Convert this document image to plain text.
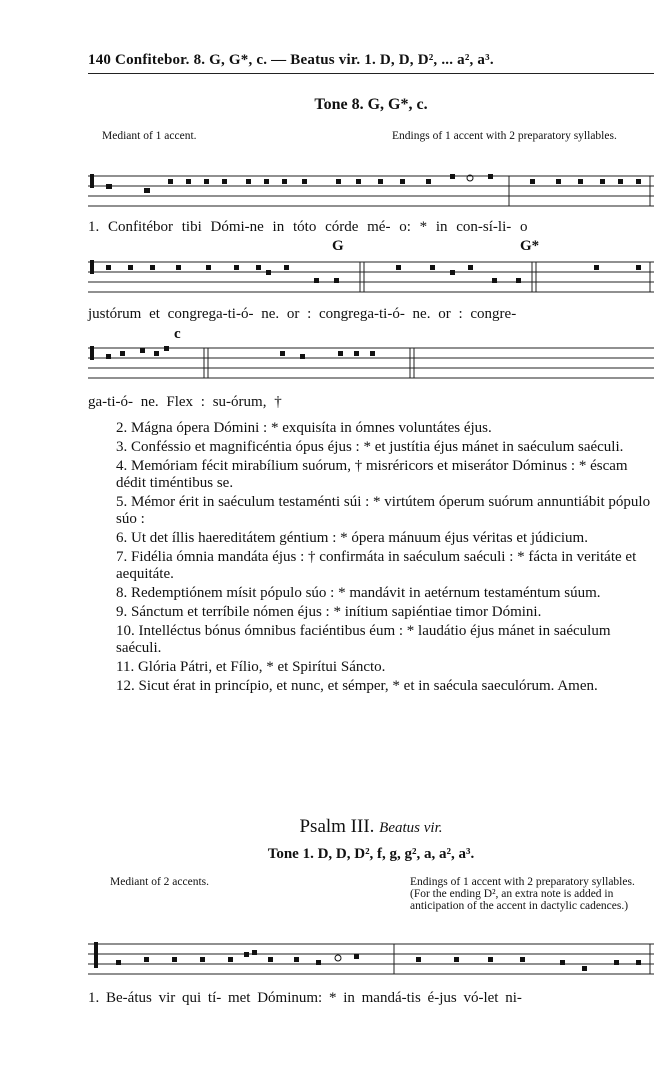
140 Confitebor. 8. G, G*, c. — Beatus vir. 1. D, D, D², ... a², a³.
Tone 8. G, G*, c.
Mediant of 1 accent.	Endings of 1 accent with 2 preparatory syllables.
1. Confitébor tibi Dómi-ne in tóto córde mé- o: * in con-sí-li- o
G	G*
justórum et congrega-ti-ó- ne. or : congrega-ti-ó- ne. or : congre-
c
ga-ti-ó- ne. Flex : su-órum, †
2. Mágna ópera Dómini : * exquisíta in ómnes voluntátes éjus.
3. Conféssio et magnificéntia ópus éjus : * et justítia éjus mánet in saéculum saéculi.
4. Memóriam fécit mirabílium suórum, † misréricors et miserátor Dóminus : * éscam dédit timéntibus se.
5. Mémor érit in saéculum testaménti súi : * virtútem óperum suórum annuntiábit pópulo súo :
6. Ut det íllis haereditátem géntium : * ópera mánuum éjus véritas et júdicium.
7. Fidélia ómnia mandáta éjus : † confirmáta in saéculum saéculi : * fácta in veritáte et aequitáte.
8. Redemptiónem mísit pópulo súo : * mandávit in aetérnum testaméntum súum.
9. Sánctum et terríbile nómen éjus : * inítium sapiéntiae timor Dómini.
10. Intelléctus bónus ómnibus faciéntibus éum : * laudátio éjus mánet in saéculum saéculi.
11. Glória Pátri, et Fílio, * et Spirítui Sáncto.
12. Sicut érat in princípio, et nunc, et sémper, * et in saécula saeculórum. Amen.
Psalm III. Beatus vir.
Tone 1. D, D, D², f, g, g², a, a², a³.
Mediant of 2 accents.	Endings of 1 accent with 2 preparatory syllables. (For the ending D², an extra note is added in anticipation of the accent in dactylic cadences.)
1. Be-átus vir qui tí- met Dóminum: * in mandá-tis é-jus vó-let ni-
